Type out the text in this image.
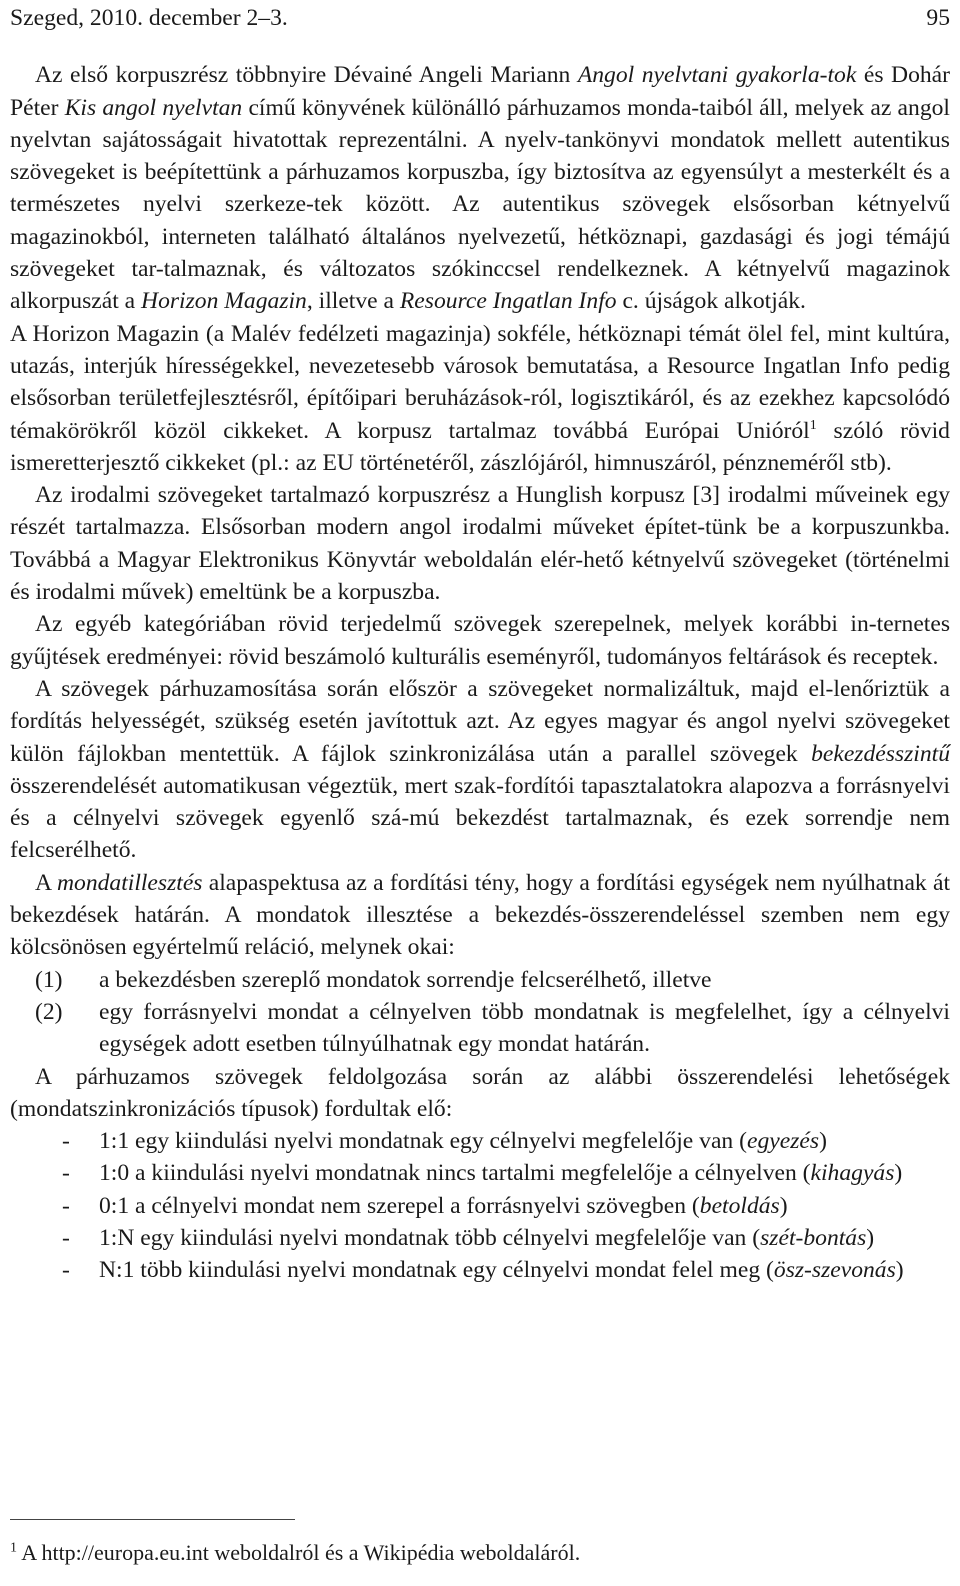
Szeged, 2010. december 2–3.	95

Az első korpuszrész többnyire Dévainé Angeli Mariann Angol nyelvtani gyakorla-tok és Dohár Péter Kis angol nyelvtan című könyvének különálló párhuzamos monda-taiból áll, melyek az angol nyelvtan sajátosságait hivatottak reprezentálni. A nyelv-tankönyvi mondatok mellett autentikus szövegeket is beépítettünk a párhuzamos korpuszba, így biztosítva az egyensúlyt a mesterkélt és a természetes nyelvi szerkeze-tek között. Az autentikus szövegek elsősorban kétnyelvű magazinokból, interneten található általános nyelvezetű, hétköznapi, gazdasági és jogi témájú szövegeket tar-talmaznak, és változatos szókinccsel rendelkeznek. A kétnyelvű magazinok alkorpuszát a Horizon Magazin, illetve a Resource Ingatlan Info c. újságok alkotják.

A Horizon Magazin (a Malév fedélzeti magazinja) sokféle, hétköznapi témát ölel fel, mint kultúra, utazás, interjúk hírességekkel, nevezetesebb városok bemutatása, a Resource Ingatlan Info pedig elsősorban területfejlesztésről, építőipari beruházások-ról, logisztikáról, és az ezekhez kapcsolódó témakörökről közöl cikkeket. A korpusz tartalmaz továbbá Európai Unióról$^1$ szóló rövid ismeretterjesztő cikkeket (pl.: az EU történetéről, zászlójáról, himnuszáról, pénzneméről stb).

Az irodalmi szövegeket tartalmazó korpuszrész a Hunglish korpusz [3] irodalmi műveinek egy részét tartalmazza. Elsősorban modern angol irodalmi műveket építet-tünk be a korpuszunkba. Továbbá a Magyar Elektronikus Könyvtár weboldalán elér-hető kétnyelvű szövegeket (történelmi és irodalmi művek) emeltünk be a korpuszba.

Az egyéb kategóriában rövid terjedelmű szövegek szerepelnek, melyek korábbi in-ternetes gyűjtések eredményei: rövid beszámoló kulturális eseményről, tudományos feltárások és receptek.

A szövegek párhuzamosítása során először a szövegeket normalizáltuk, majd el-lenőriztük a fordítás helyességét, szükség esetén javítottuk azt. Az egyes magyar és angol nyelvi szövegeket külön fájlokban mentettük. A fájlok szinkronizálása után a parallel szövegek bekezdésszintű összerendelését automatikusan végeztük, mert szak-fordítói tapasztalatokra alapozva a forrásnyelvi és a célnyelvi szövegek egyenlő szá-mú bekezdést tartalmaznak, és ezek sorrendje nem felcserélhető.

A mondatillesztés alapaspektusa az a fordítási tény, hogy a fordítási egységek nem nyúlhatnak át bekezdések határán. A mondatok illesztése a bekezdés-összerendeléssel szemben nem egy kölcsönösen egyértelmű reláció, melynek okai:

(1)	a bekezdésben szereplő mondatok sorrendje felcserélhető, illetve
(2)	egy forrásnyelvi mondat a célnyelven több mondatnak is megfelelhet, így a célnyelvi egységek adott esetben túlnyúlhatnak egy mondat határán.

A párhuzamos szövegek feldolgozása során az alábbi összerendelési lehetőségek (mondatszinkronizációs típusok) fordultak elő:

-	1:1 egy kiindulási nyelvi mondatnak egy célnyelvi megfelelője van (egyezés)
-	1:0 a kiindulási nyelvi mondatnak nincs tartalmi megfelelője a célnyelven (kihagyás)
-	0:1 a célnyelvi mondat nem szerepel a forrásnyelvi szövegben (betoldás)
-	1:N egy kiindulási nyelvi mondatnak több célnyelvi megfelelője van (szét-bontás)
-	N:1 több kiindulási nyelvi mondatnak egy célnyelvi mondat felel meg (ösz-szevonás)
$^1$ A http://europa.eu.int weboldalról és a Wikipédia weboldaláról.
